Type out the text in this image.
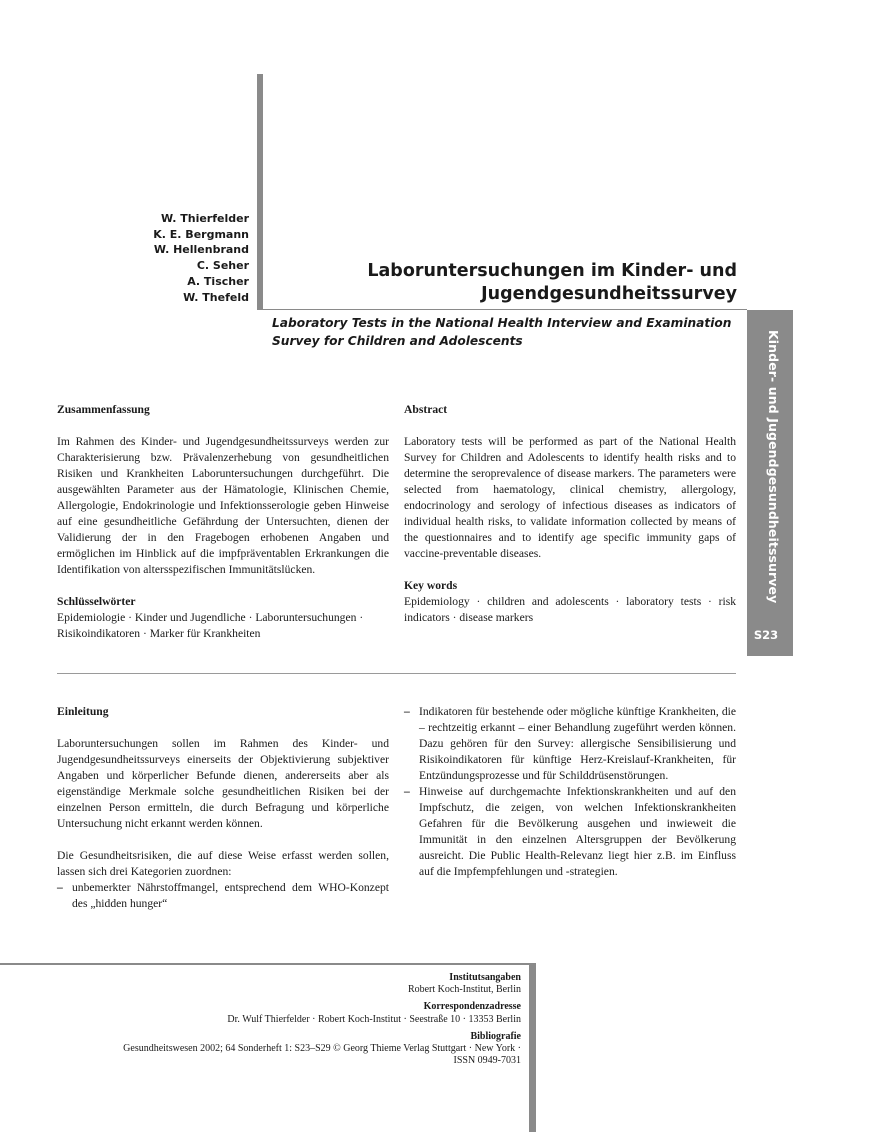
W. Thierfelder
K. E. Bergmann
W. Hellenbrand
C. Seher
A. Tischer
W. Thefeld
Laboruntersuchungen im Kinder- und
Jugendgesundheitssurvey
Laboratory Tests in the National Health Interview and Examination Survey for Children and Adolescents	Kinder- und Jugendgesundheitssurvey
S23
Zusammenfassung

Im Rahmen des Kinder- und Jugendgesundheitssurveys werden zur Charakterisierung bzw. Prävalenzerhebung von gesundheitlichen Risiken und Krankheiten Laboruntersuchungen durchgeführt. Die ausgewählten Parameter aus der Hämatologie, Klinischen Chemie, Allergologie, Endokrinologie und Infektionsserologie geben Hinweise auf eine gesundheitliche Gefährdung der Untersuchten, dienen der Validierung der in den Fragebogen erhobenen Angaben und ermöglichen im Hinblick auf die impfpräventablen Erkrankungen die Identifikation von altersspezifischen Immunitätslücken.

Schlüsselwörter

Epidemiologie · Kinder und Jugendliche · Laboruntersuchungen · Risikoindikatoren · Marker für Krankheiten

Abstract

Laboratory tests will be performed as part of the National Health Survey for Children and Adolescents to identify health risks and to determine the seroprevalence of disease markers. The parameters were selected from haematology, clinical chemistry, allergology, endocrinology and serology of infectious diseases as indicators of individual health risks, to validate information collected by means of the questionnaires and to identify age specific immunity gaps of vaccine-preventable diseases.

Key words

Epidemiology · children and adolescents · laboratory tests · risk indicators · disease markers

Einleitung

Laboruntersuchungen sollen im Rahmen des Kinder- und Jugendgesundheitssurveys einerseits der Objektivierung subjektiver Angaben und körperlicher Befunde dienen, andererseits aber als eigenständige Merkmale solche gesundheitlichen Risiken bei der einzelnen Person ermitteln, die durch Befragung und körperliche Untersuchung nicht erkannt werden können.

Die Gesundheitsrisiken, die auf diese Weise erfasst werden sollen, lassen sich drei Kategorien zuordnen:

– unbemerkter Nährstoffmangel, entsprechend dem WHO-Konzept des „hidden hunger“
– Indikatoren für bestehende oder mögliche künftige Krankheiten, die – rechtzeitig erkannt – einer Behandlung zugeführt werden können. Dazu gehören für den Survey: allergische Sensibilisierung und Risikoindikatoren für künftige Herz-Kreislauf-Krankheiten, für Entzündungsprozesse und für Schilddrüsenstörungen.
– Hinweise auf durchgemachte Infektionskrankheiten und auf den Impfschutz, die zeigen, von welchen Infektionskrankheiten Gefahren für die Bevölkerung ausgehen und inwieweit die Immunität in den einzelnen Altersgruppen der Bevölkerung ausreicht. Die Public Health-Relevanz liegt hier z.B. im Einfluss auf die Impfempfehlungen und -strategien.
Institutsangaben
Robert Koch-Institut, Berlin
Korrespondenzadresse
Dr. Wulf Thierfelder · Robert Koch-Institut · Seestraße 10 · 13353 Berlin
Bibliografie
Gesundheitswesen 2002; 64 Sonderheft 1: S23–S29 © Georg Thieme Verlag Stuttgart · New York ·
ISSN 0949-7031
